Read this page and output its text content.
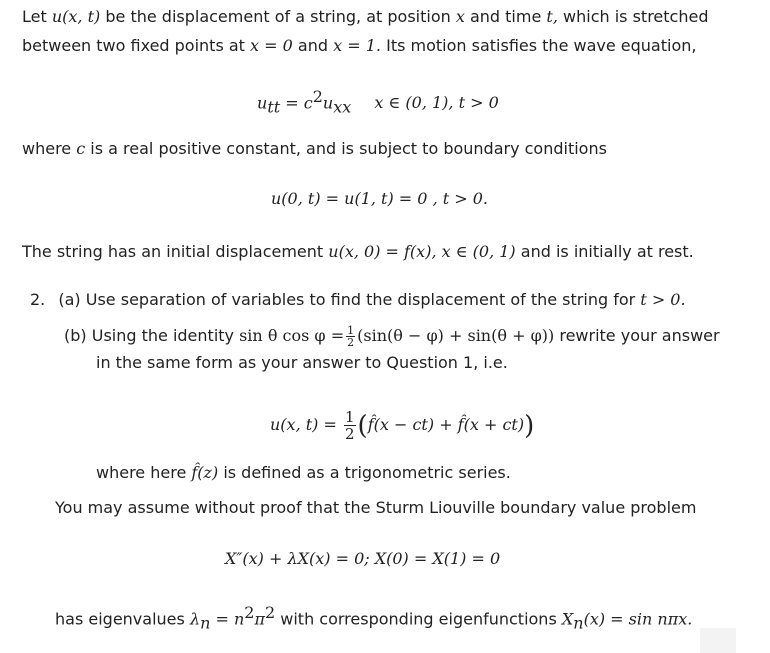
Let u(x, t) be the displacement of a string, at position x and time t, which is stretched
between two fixed points at x = 0 and x = 1. Its motion satisfies the wave equation,
$u_{tt} = c^2u_{xx}$ x ∈ (0, 1), t > 0
where c is a real positive constant, and is subject to boundary conditions
u(0, t) = u(1, t) = 0 , t > 0.
The string has an initial displacement u(x, 0) = f(x), x ∈ (0, 1) and is initially at rest.
2. (a) Use separation of variables to find the displacement of the string for t > 0.
(b) Using the identity sin θ $\cos \varphi = \frac{1}{2} (\sin(\theta - \varphi) + \sin(\theta + \varphi))$ rewrite your answer
in the same form as your answer to Question 1, i.e.
u(x, $t) = \frac{1}{2}$ (f̂(x − ct) + f̂(x + ct))
where here f̂(z) is defined as a trigonometric series.
You may assume without proof that the Sturm Liouville boundary value problem
X″(x) + λX(x) = 0; X(0) = X(1) = 0
has eigenvalues $\lambda_n = n^2\pi^2$ with corresponding eigenfunctions $X_n(x) = \sin n\pi x$.
